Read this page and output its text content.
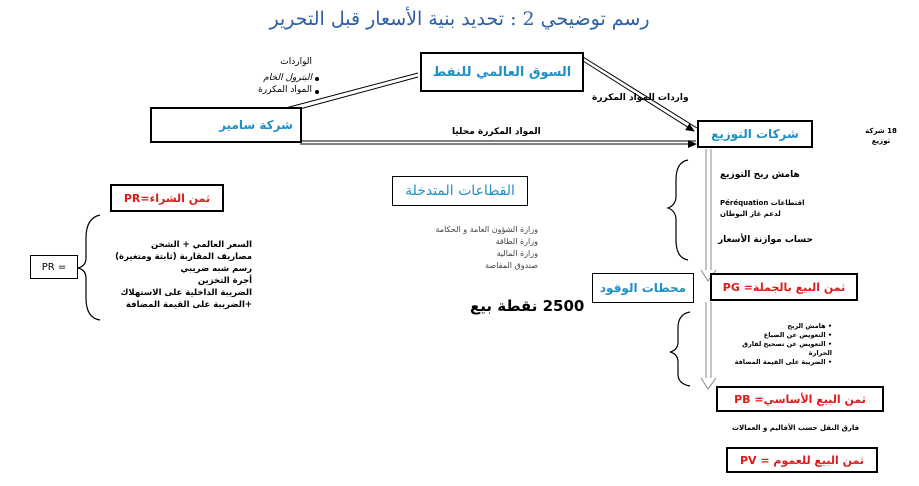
رسم توضيحي 2 : تحديد بنية الأسعار قبل التحرير
السوق العالمي للنفط
الواردات
البترول الخام
المواد المكررة
واردات المواد المكررة
شركة سامير	المواد المكررة محليا	شركات التوزيع	18 شركة توزيع
هامش ربح التوزيع
اقتطاعات Péréquation
لدعم غاز البوطان
حساب موازنة الأسعار
القطاعات المتدخلة
وزارة الشؤون العامة و الحكامة
وزارة الطاقة
وزارة المالية
صندوق المقاصة
2500 نقطة بيع
ثمن الشراء=PR
PR =
السعر العالمي + الشحن
مصاريف المقاربة (ثابتة ومتغيرة)
رسم شبه ضريبي
أجرة التخزين
الضريبة الداخلية على الاستهلاك
+الضريبة على القيمة المضافة
محطات الوقود	PG =ثمن البيع بالجملة
• هامش الربح
• التعويض عن الضياع
• التعويض عن تصحيح لفارق الحرارة
• الضريبة على القيمة المضافة
PB =ثمن البيع الأساسي
فارق النقل حسب الأقاليم و العمالات
PV = ثمن البيع للعموم
